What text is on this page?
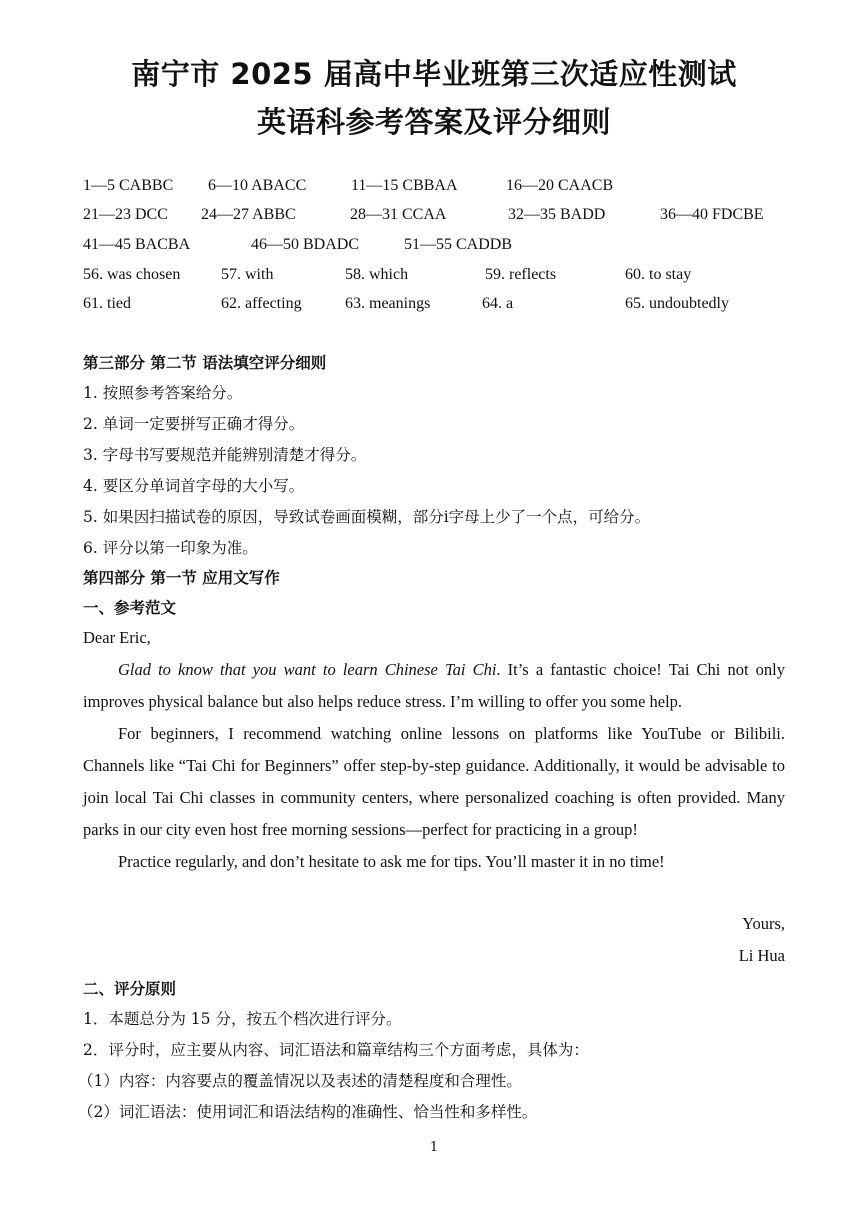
南宁市 2025 届高中毕业班第三次适应性测试
英语科参考答案及评分细则
1—5 CABBC 6—10 ABACC	11—15 CBBAA	16—20 CAACB
21—23 DCC 24—27 ABBC	28—31 CCAA	32—35 BADD	36—40 FDCBE
41—45 BACBA	46—50 BDADC	51—55 CADDB
56. was chosen	57. with	58. which	59. reflects	60. to stay
61. tied	62. affecting	63. meanings	64. a	65. undoubtedly
第三部分 第二节 语法填空评分细则
1. 按照参考答案给分。
2. 单词一定要拼写正确才得分。
3. 字母书写要规范并能辨别清楚才得分。
4. 要区分单词首字母的大小写。
5. 如果因扫描试卷的原因，导致试卷画面模糊，部分i字母上少了一个点，可给分。
6. 评分以第一印象为准。
第四部分 第一节 应用文写作
一、参考范文
Dear Eric,

Glad to know that you want to learn Chinese Tai Chi. It’s a fantastic choice! Tai Chi not only improves physical balance but also helps reduce stress. I’m willing to offer you some help.

For beginners, I recommend watching online lessons on platforms like YouTube or Bilibili. Channels like “Tai Chi for Beginners” offer step-by-step guidance. Additionally, it would be advisable to join local Tai Chi classes in community centers, where personalized coaching is often provided. Many parks in our city even host free morning sessions—perfect for practicing in a group!

Practice regularly, and don’t hesitate to ask me for tips. You’ll master it in no time!

Yours,
Li Hua
二、评分原则
1．本题总分为 15 分，按五个档次进行评分。
2．评分时，应主要从内容、词汇语法和篇章结构三个方面考虑，具体为：
（1）内容：内容要点的覆盖情况以及表述的清楚程度和合理性。
（2）词汇语法：使用词汇和语法结构的准确性、恰当性和多样性。
1
